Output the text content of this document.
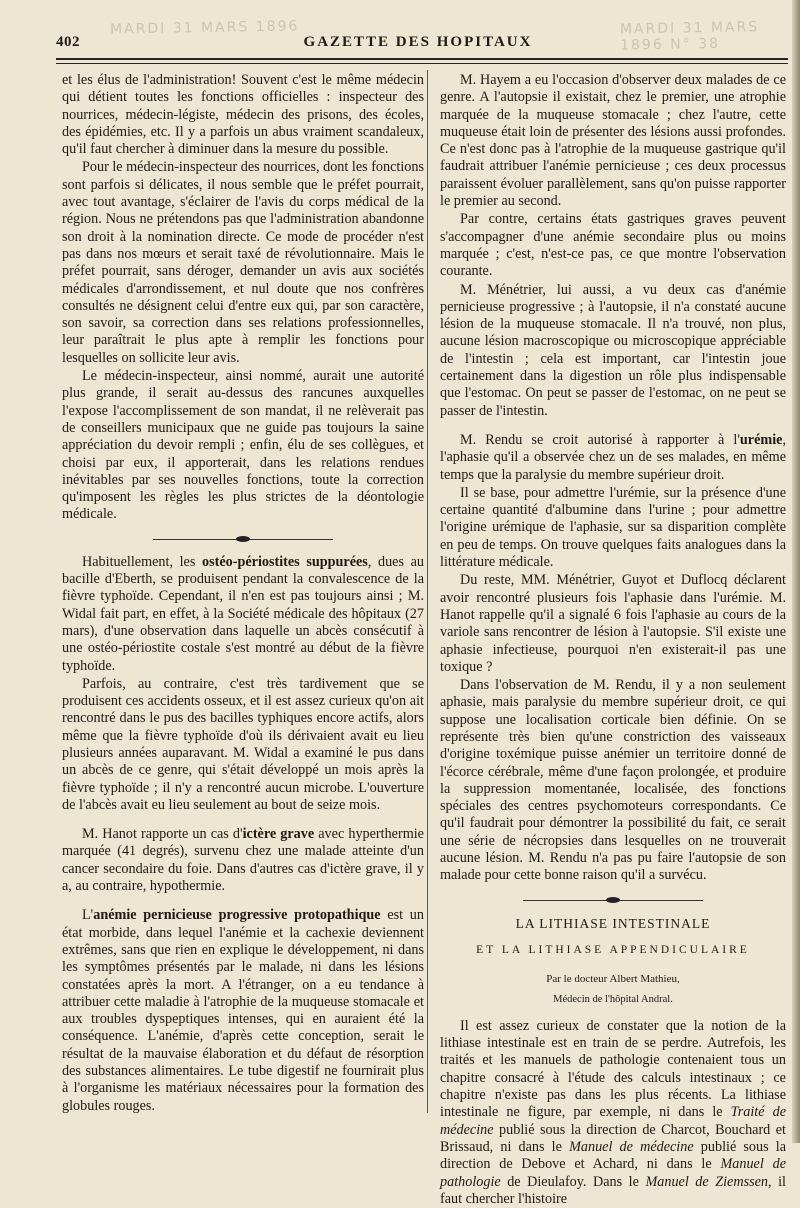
MARDI 31 MARS 1896	MARDI 31 MARS 1896 N° 38
402	GAZETTE DES HOPITAUX

et les élus de l'administration! Souvent c'est le même médecin qui détient toutes les fonctions officielles : inspecteur des nourrices, médecin-légiste, médecin des prisons, des écoles, des épidémies, etc. Il y a parfois un abus vraiment scandaleux, qu'il faut chercher à diminuer dans la mesure du possible.

Pour le médecin-inspecteur des nourrices, dont les fonctions sont parfois si délicates, il nous semble que le préfet pourrait, avec tout avantage, s'éclairer de l'avis du corps médical de la région. Nous ne prétendons pas que l'administration abandonne son droit à la nomination directe. Ce mode de procéder n'est pas dans nos mœurs et serait taxé de révolutionnaire. Mais le préfet pourrait, sans déroger, demander un avis aux sociétés médicales d'arrondissement, et nul doute que nos confrères consultés ne désignent celui d'entre eux qui, par son caractère, son savoir, sa correction dans ses relations professionnelles, leur paraîtrait le plus apte à remplir les fonctions pour lesquelles on sollicite leur avis.

Le médecin-inspecteur, ainsi nommé, aurait une autorité plus grande, il serait au-dessus des rancunes auxquelles l'expose l'accomplissement de son mandat, il ne relèverait pas de conseillers municipaux que ne guide pas toujours la saine appréciation du devoir rempli ; enfin, élu de ses collègues, et choisi par eux, il apporterait, dans les relations rendues inévitables par ses nouvelles fonctions, toute la correction qu'imposent les règles les plus strictes de la déontologie médicale.

Habituellement, les ostéo-périostites suppurées, dues au bacille d'Eberth, se produisent pendant la convalescence de la fièvre typhoïde. Cependant, il n'en est pas toujours ainsi ; M. Widal fait part, en effet, à la Société médicale des hôpitaux (27 mars), d'une observation dans laquelle un abcès consécutif à une ostéo-périostite costale s'est montré au début de la fièvre typhoïde.

Parfois, au contraire, c'est très tardivement que se produisent ces accidents osseux, et il est assez curieux qu'on ait rencontré dans le pus des bacilles typhiques encore actifs, alors même que la fièvre typhoïde d'où ils dérivaient avait eu lieu plusieurs années auparavant. M. Widal a examiné le pus dans un abcès de ce genre, qui s'était développé un mois après la fièvre typhoïde ; il n'y a rencontré aucun microbe. L'ouverture de l'abcès avait eu lieu seulement au bout de seize mois.

M. Hanot rapporte un cas d'ictère grave avec hyperthermie marquée (41 degrés), survenu chez une malade atteinte d'un cancer secondaire du foie. Dans d'autres cas d'ictère grave, il y a, au contraire, hypothermie.

L'anémie pernicieuse progressive protopathique est un état morbide, dans lequel l'anémie et la cachexie deviennent extrêmes, sans que rien en explique le développement, ni dans les symptômes présentés par le malade, ni dans les lésions constatées après la mort. A l'étranger, on a eu tendance à attribuer cette maladie à l'atrophie de la muqueuse stomacale et aux troubles dyspeptiques intenses, qui en auraient été la conséquence. L'anémie, d'après cette conception, serait le résultat de la mauvaise élaboration et du défaut de résorption des substances alimentaires. Le tube digestif ne fournirait plus à l'organisme les matériaux nécessaires pour la formation des globules rouges.

M. Hayem a eu l'occasion d'observer deux malades de ce genre. A l'autopsie il existait, chez le premier, une atrophie marquée de la muqueuse stomacale ; chez l'autre, cette muqueuse était loin de présenter des lésions aussi profondes. Ce n'est donc pas à l'atrophie de la muqueuse gastrique qu'il faudrait attribuer l'anémie pernicieuse ; ces deux processus paraissent évoluer parallèlement, sans qu'on puisse rapporter le premier au second.

Par contre, certains états gastriques graves peuvent s'accompagner d'une anémie secondaire plus ou moins marquée ; c'est, n'est-ce pas, ce que montre l'observation courante.

M. Ménétrier, lui aussi, a vu deux cas d'anémie pernicieuse progressive ; à l'autopsie, il n'a constaté aucune lésion de la muqueuse stomacale. Il n'a trouvé, non plus, aucune lésion macroscopique ou microscopique appréciable de l'intestin ; cela est important, car l'intestin joue certainement dans la digestion un rôle plus indispensable que l'estomac. On peut se passer de l'estomac, on ne peut se passer de l'intestin.

M. Rendu se croit autorisé à rapporter à l'urémie, l'aphasie qu'il a observée chez un de ses malades, en même temps que la paralysie du membre supérieur droit.

Il se base, pour admettre l'urémie, sur la présence d'une certaine quantité d'albumine dans l'urine ; pour admettre l'origine urémique de l'aphasie, sur sa disparition complète en peu de temps. On trouve quelques faits analogues dans la littérature médicale.

Du reste, MM. Ménétrier, Guyot et Duflocq déclarent avoir rencontré plusieurs fois l'aphasie dans l'urémie. M. Hanot rappelle qu'il a signalé 6 fois l'aphasie au cours de la variole sans rencontrer de lésion à l'autopsie. S'il existe une aphasie infectieuse, pourquoi n'en existerait-il pas une toxique ?

Dans l'observation de M. Rendu, il y a non seulement aphasie, mais paralysie du membre supérieur droit, ce qui suppose une localisation corticale bien définie. On se représente très bien qu'une constriction des vaisseaux d'origine toxémique puisse anémier un territoire donné de l'écorce cérébrale, même d'une façon prolongée, et produire la suppression momentanée, localisée, des fonctions spéciales des centres psychomoteurs correspondants. Ce qu'il faudrait pour démontrer la possibilité du fait, ce serait une série de nécropsies dans lesquelles on ne trouverait aucune lésion. M. Rendu n'a pas pu faire l'autopsie de son malade pour cette bonne raison qu'il a survécu.

LA LITHIASE INTESTINALE
ET LA LITHIASE APPENDICULAIRE
Par le docteur Albert Mathieu,
Médecin de l'hôpital Andral.

Il est assez curieux de constater que la notion de la lithiase intestinale est en train de se perdre. Autrefois, les traités et les manuels de pathologie contenaient tous un chapitre consacré à l'étude des calculs intestinaux ; ce chapitre n'existe pas dans les plus récents. La lithiase intestinale ne figure, par exemple, ni dans le Traité de médecine publié sous la direction de Charcot, Bouchard et Brissaud, ni dans le Manuel de médecine publié sous la direction de Debove et Achard, ni dans le Manuel de pathologie de Dieulafoy. Dans le Manuel de Ziemssen, il faut chercher l'histoire
